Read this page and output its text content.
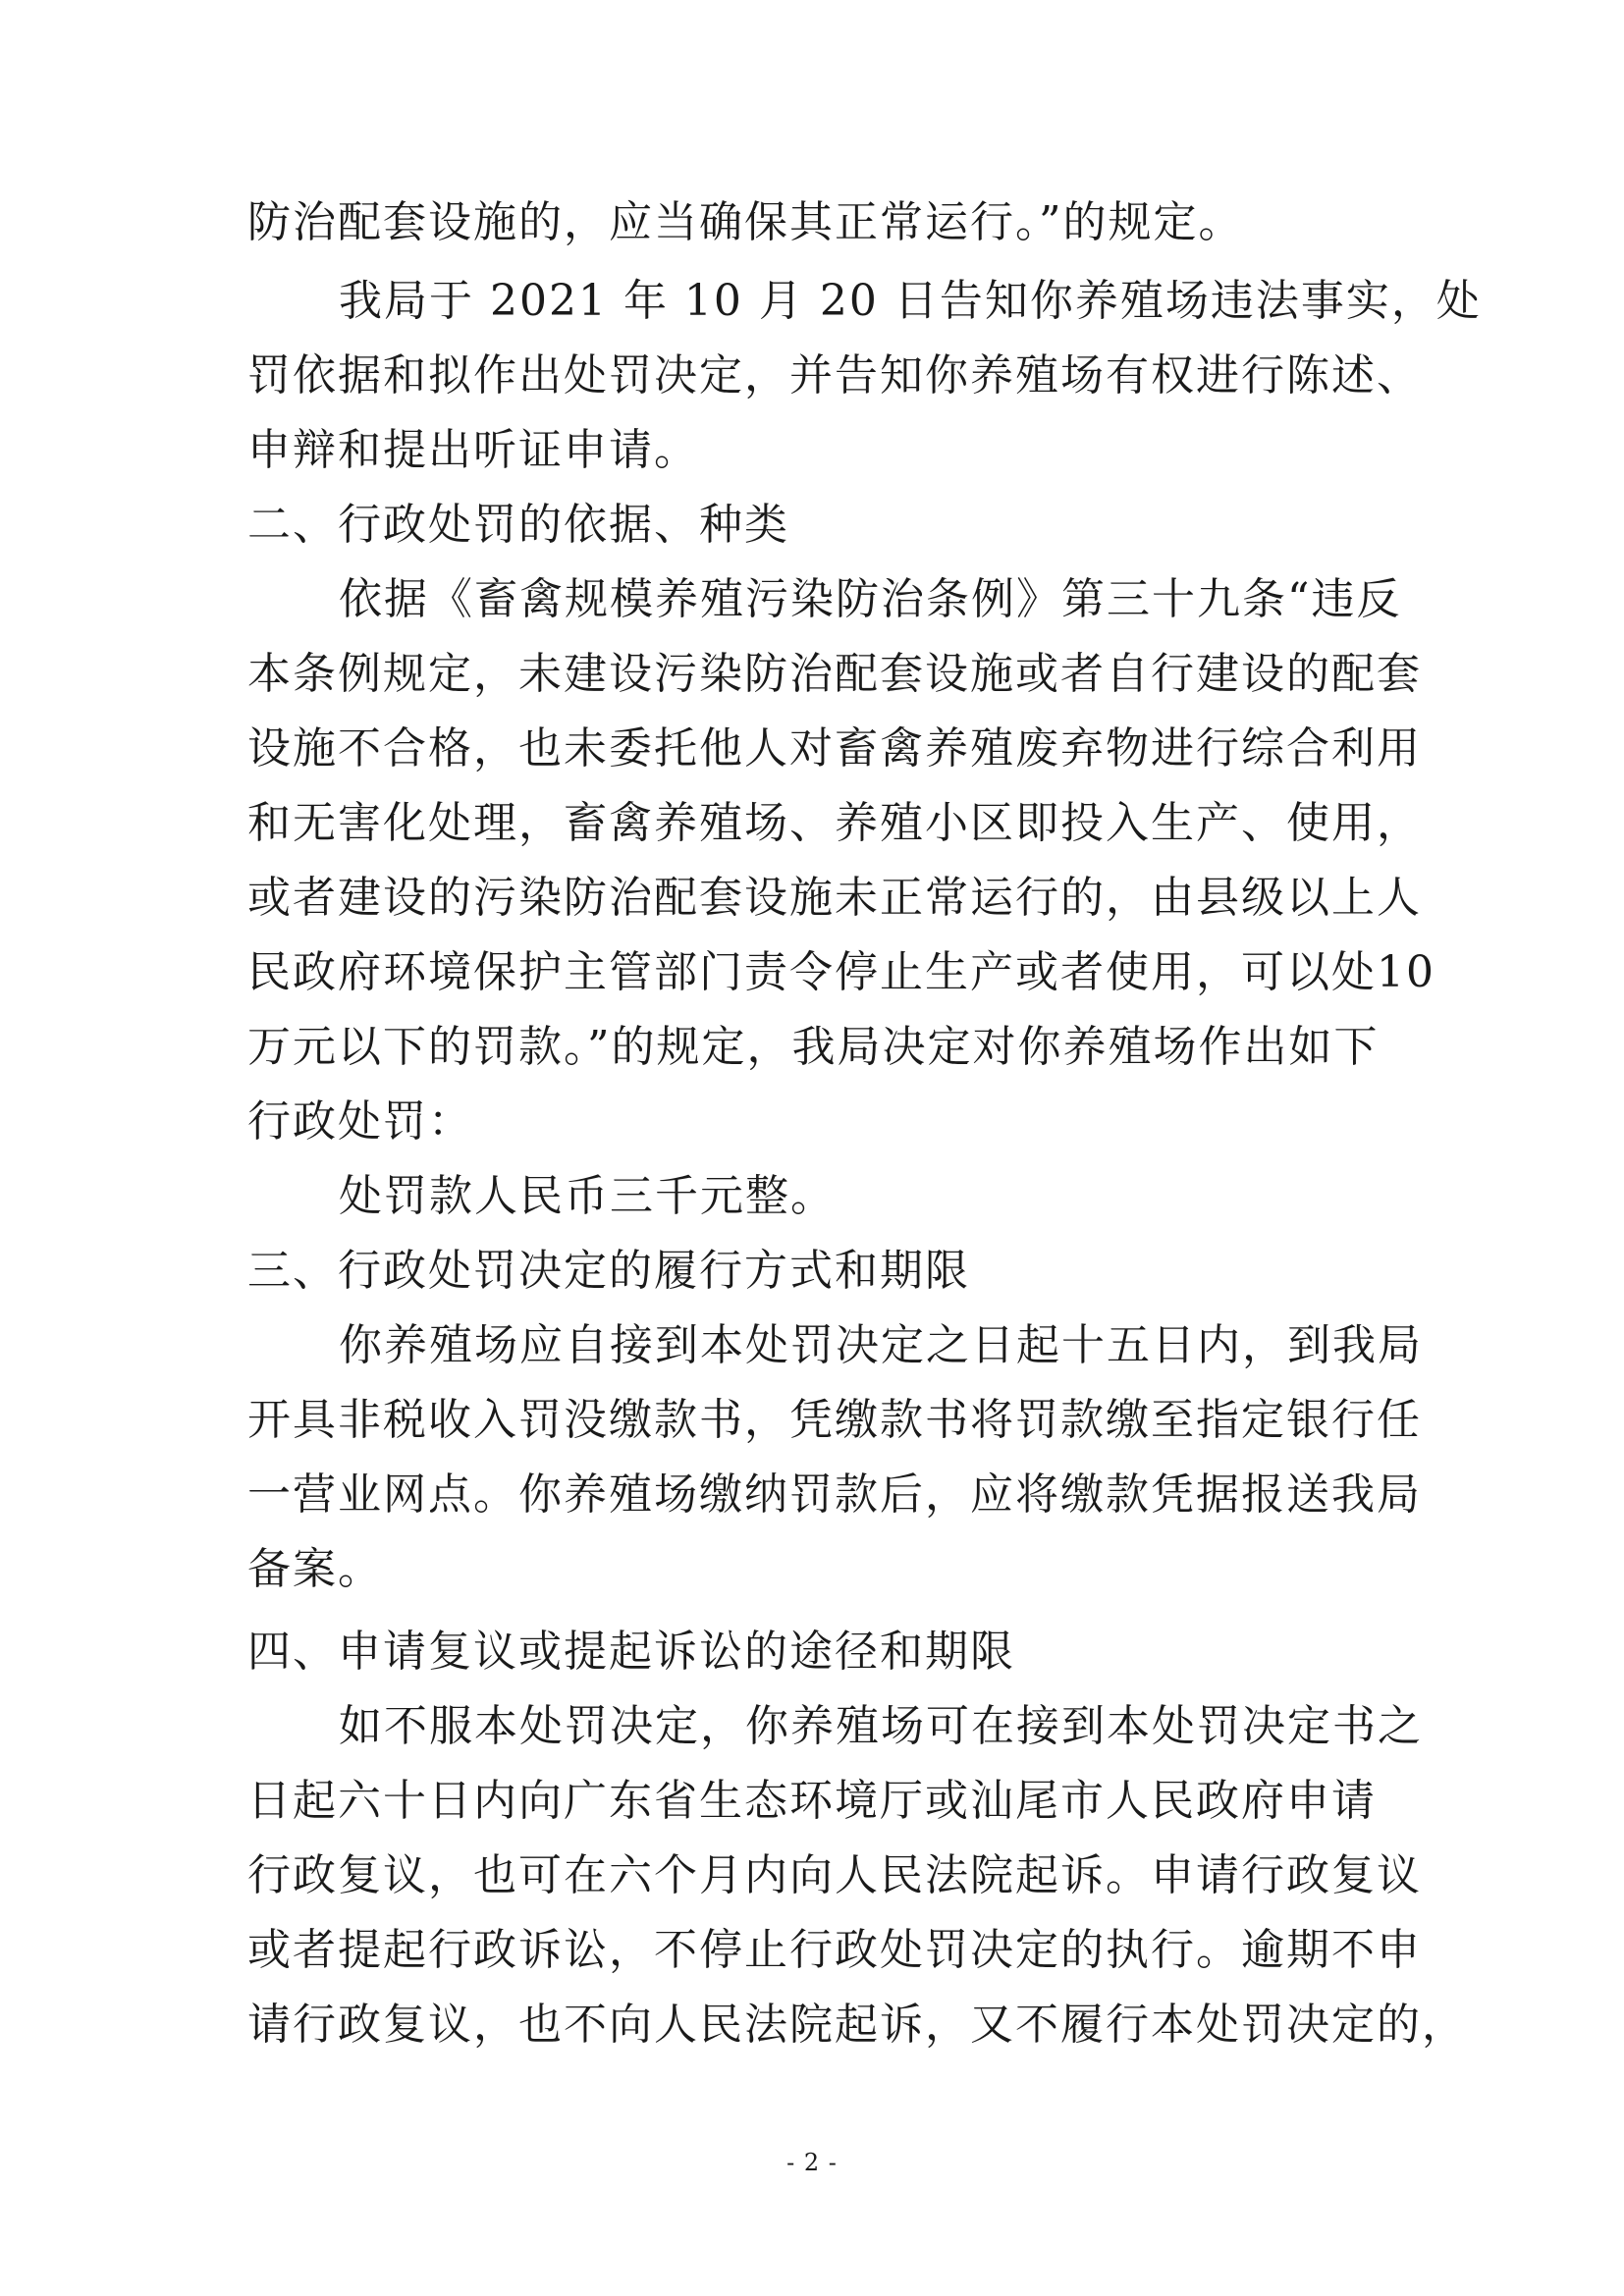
防治配套设施的，应当确保其正常运行。”的规定。
我局于 2021 年 10 月 20 日告知你养殖场违法事实，处
罚依据和拟作出处罚决定，并告知你养殖场有权进行陈述、
申辩和提出听证申请。
二、行政处罚的依据、种类
依据《畜禽规模养殖污染防治条例》第三十九条“违反
本条例规定，未建设污染防治配套设施或者自行建设的配套
设施不合格，也未委托他人对畜禽养殖废弃物进行综合利用
和无害化处理，畜禽养殖场、养殖小区即投入生产、使用，
或者建设的污染防治配套设施未正常运行的，由县级以上人
民政府环境保护主管部门责令停止生产或者使用，可以处10
万元以下的罚款。”的规定，我局决定对你养殖场作出如下
行政处罚：
处罚款人民币三千元整。
三、行政处罚决定的履行方式和期限
你养殖场应自接到本处罚决定之日起十五日内，到我局
开具非税收入罚没缴款书，凭缴款书将罚款缴至指定银行任
一营业网点。你养殖场缴纳罚款后，应将缴款凭据报送我局
备案。
四、申请复议或提起诉讼的途径和期限
如不服本处罚决定，你养殖场可在接到本处罚决定书之
日起六十日内向广东省生态环境厅或汕尾市人民政府申请
行政复议，也可在六个月内向人民法院起诉。申请行政复议
或者提起行政诉讼，不停止行政处罚决定的执行。逾期不申
请行政复议，也不向人民法院起诉，又不履行本处罚决定的，
- 2 -
